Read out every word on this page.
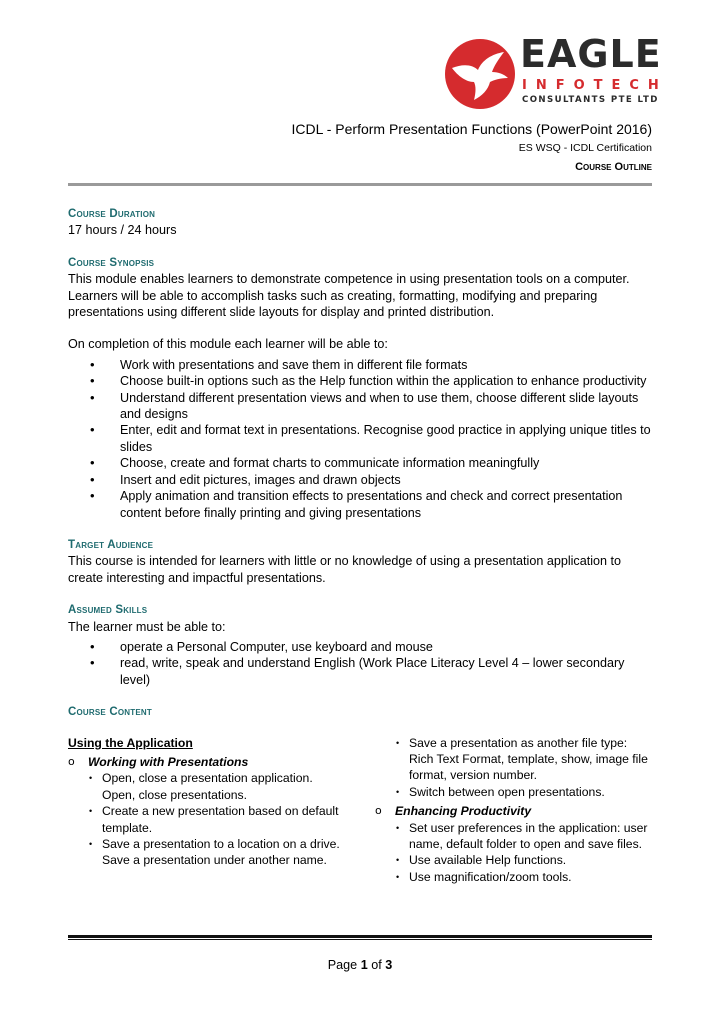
EAGLE
INFOTECH
CONSULTANTS PTE LTD
ICDL - Perform Presentation Functions (PowerPoint 2016)
ES WSQ - ICDL Certification
Course Outline
Course Duration

17 hours / 24 hours

Course Synopsis

This module enables learners to demonstrate competence in using presentation tools on a computer. Learners will be able to accomplish tasks such as creating, formatting, modifying and preparing presentations using different slide layouts for display and printed distribution.

On completion of this module each learner will be able to:

• Work with presentations and save them in different file formats
• Choose built-in options such as the Help function within the application to enhance productivity
• Understand different presentation views and when to use them, choose different slide layouts and designs
• Enter, edit and format text in presentations. Recognise good practice in applying unique titles to slides
• Choose, create and format charts to communicate information meaningfully
• Insert and edit pictures, images and drawn objects
• Apply animation and transition effects to presentations and check and correct presentation content before finally printing and giving presentations
Target Audience

This course is intended for learners with little or no knowledge of using a presentation application to create interesting and impactful presentations.

Assumed Skills

The learner must be able to:

• operate a Personal Computer, use keyboard and mouse
• read, write, speak and understand English (Work Place Literacy Level 4 – lower secondary level)
Course Content
Using the Application
o Working with Presentations
• Open, close a presentation application. Open, close presentations.
• Create a new presentation based on default template.
• Save a presentation to a location on a drive. Save a presentation under another name.
• Save a presentation as another file type: Rich Text Format, template, show, image file format, version number.
• Switch between open presentations.
o Enhancing Productivity
• Set user preferences in the application: user name, default folder to open and save files.
• Use available Help functions.
• Use magnification/zoom tools.
Page 1 of 3
